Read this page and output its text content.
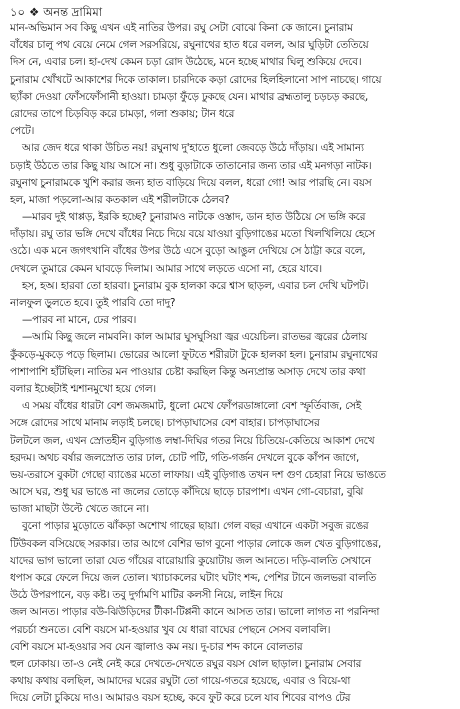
১০ ❖ অনন্ত দ্রামিমা
মান-অভিমান সব কিছু এখন এই নাতির উপর। রঘু সেটা বোঝে কিনা কে জানে। চুনারাম
বাঁধের চালু পথ বেয়ে নেমে গেল সরসরিয়ে, রঘুনাথের হাত ধরে বলল, আর ঘুড়িটা তেতিয়ে
দিস নে, এবার চল। হা-দেখ কেমন চড়া রোদ উঠেছে, মনে হচ্ছে মাথার ঘিলু শুকিয়ে দেবে।
চুনারাম খোঁখটে আকাশের দিকে তাকাল। চারদিকে কড়া রোদের হিলহিলানো সাপ নাচছে। গায়ে
ছ্যাঁকা দেওয়া ফোঁসফোঁসানী হাওয়া। চামড়া ফুঁড়ে ঢুকছে যেন। মাথার ব্রহ্মতালু চড়চড় করছে,
রোদের তাপে চিড়বিড় করে চামড়া, গলা শুকায়; টান ধরে
পেটে।
আর জেদ ধরে থাকা উচিত নয়! রঘুনাথ দু'হাতে ধুলো জেবড়ে উঠে দাঁড়ায়। এই সামান্য
চড়াই উঠতে তার কিছু যায় আসে না। শুধু বুড়াটাকে তাতানোর জন্য তার এই মনগড়া নাটক।
রঘুনাথ চুনারামকে খুশি করার জন্য হাত বাড়িয়ে দিয়ে বলল, ধরো গো! আর পারছি নে। বয়স
হল, মাজা পড়লো-আর কতকাল এই শরীলটাকে ঠেলব?
—মারব দুই থাপ্পড়, ইরকি হচ্ছে? চুনারামও নাটকে ওস্তাদ, ডান হাত উঠিয়ে সে ভঙ্গি করে
দাঁড়ায়। রঘু তার ভঙ্গি দেখে বাঁধের নিচে দিয়ে বয়ে যাওয়া বুড়িগাঙের মতো খিলখিলিয়ে হেসে
ওঠে। এক মনে জগৎখানি বাঁধের উপর উঠে এসে বুড়ো আঙুল দেখিয়ে সে ঠাট্টা করে বলে,
দেখলে তুমারে কেমন ঘাবড়ে দিলাম। আমার সাথে লড়তে এসো না, হেরে যাবে।
হস, হঅ। হারবা তো হারবা। চুনারাম বুক হালকা করে শ্বাস ছাড়ল, এবার চল দেখি ঘটপট।
নালফুল ড়ুলতে হবে। তুই পারবি তো দাদু?
—পারব না মানে, ঢের পারব।
—আমি কিছু জলে নামবনি। কাল আমার ঘুসঘুসিয়া জ্বর এয়েচিল। রাতভর জ্বরের ঠেলায়
কুঁকড়ে-মুকড়ে পড়ে ছিলাম। ভোরের আলো ফুটতে শরীরটা টুকে হালকা হল। চুনারাম রঘুনাথের
পাশাপাশি হাঁটছিল। নাতির মন পাওয়ার চেষ্টা করছিল কিন্তু অন্যপ্রান্ত অসাড় দেখে তার কথা
বলার ইচ্ছেটাই শ্মশানমুখো হয়ে গেল।
এ সময় বাঁধের ধারটা বেশ জমজমাট, ধুলো মেখে ফোঁপরডাঙ্গালো বেশ স্ফূর্তিবাজ, সেই
সঙ্গে রোদের সাথে মানাম লড়াই চলছে। চাপড়াঘাসের বেশ বাহার। চাপড়াঘাসের
টলটলে জল, এখন স্রোতহীন বুড়িগাঙ লম্বা-দিঘির গতর নিয়ে চিতিয়ে-কেতিয়ে আকাশ দেখে
হরদম। অথচ বর্ষার জলস্রোত তার ঢাল, চোট পটি, গতি-গর্জন দেখলে বুকে কাঁপন জাগে,
ভয়-তরাসে বুকটা গেছো ব্যাঙের মতো লাফায়। এই বুড়িগাঙ তখন দশ গুণ চেহারা নিয়ে ভাঙতে
আসে ঘর, শুধু ঘর ভাঙে না জলের তোড়ে কাঁদিয়ে ছাড়ে চারপাশ। এখন গো-বেচারা, বুঝি
ভাজা মাছটা উল্টে খেতে জানে না।
বুনো পাড়ার মুড়োতে ঝাঁকড়া অশোখ গাছের ছায়া। গেল বছর এখানে একটা সবুজ রঙের
টিউবকল বসিয়েছে সরকার। তার আগে বেশির ভাগ বুনো পাড়ার লোকে জল খেত বুড়িগাঙের,
যাদের ভাগ ভালো তারা যেত গাঁয়ের বারোয়ারি কুয়োটায় জল আনতে। দড়ি-বালতি সেখানে
ধপাস করে ফেলে দিয়ে জল তোল। খ্যাচাকলের ঘটাং ঘটাং শব্দ, পেশির টানে জলভরা বালতি
উঠে উপরপানে, বড় কষ্ট। তবু দুর্গামণি মাটির কলসী নিয়ে, লাইন দিয়ে
জল আনত। পাড়ার বউ-ঝিউড়িদের টীকা-টিপ্পনী কানে আসত তার। ভালো লাগত না পরনিন্দা
পরচর্চা শুনতে। বেশি বয়সে মা-হওয়ার খুব যে ধারা বাঘের পেছনে সেসব বলাবলি।
বেশি বয়সে মা-হওয়ার সব যেন জ্বালাও কম নয়। দু-চার শব্দ কানে বোলতার
হুল ঢোকায়। তা-ও নেই নেই করে দেখতে-দেখতে রঘুর বয়স ষোল ছাড়াল। চুনারাম সেবার
কথায় কথায় বলছিল, আমাদের ঘরের রঘুটা তো গায়ে-গতরে হয়েছে, এবার ও বিয়ে-থা
দিয়ে লেটা চুকিয়ে দাও। আমারও বয়স হচ্ছে, কবে ফুট করে চলে যাব শিবের বাপও টের
